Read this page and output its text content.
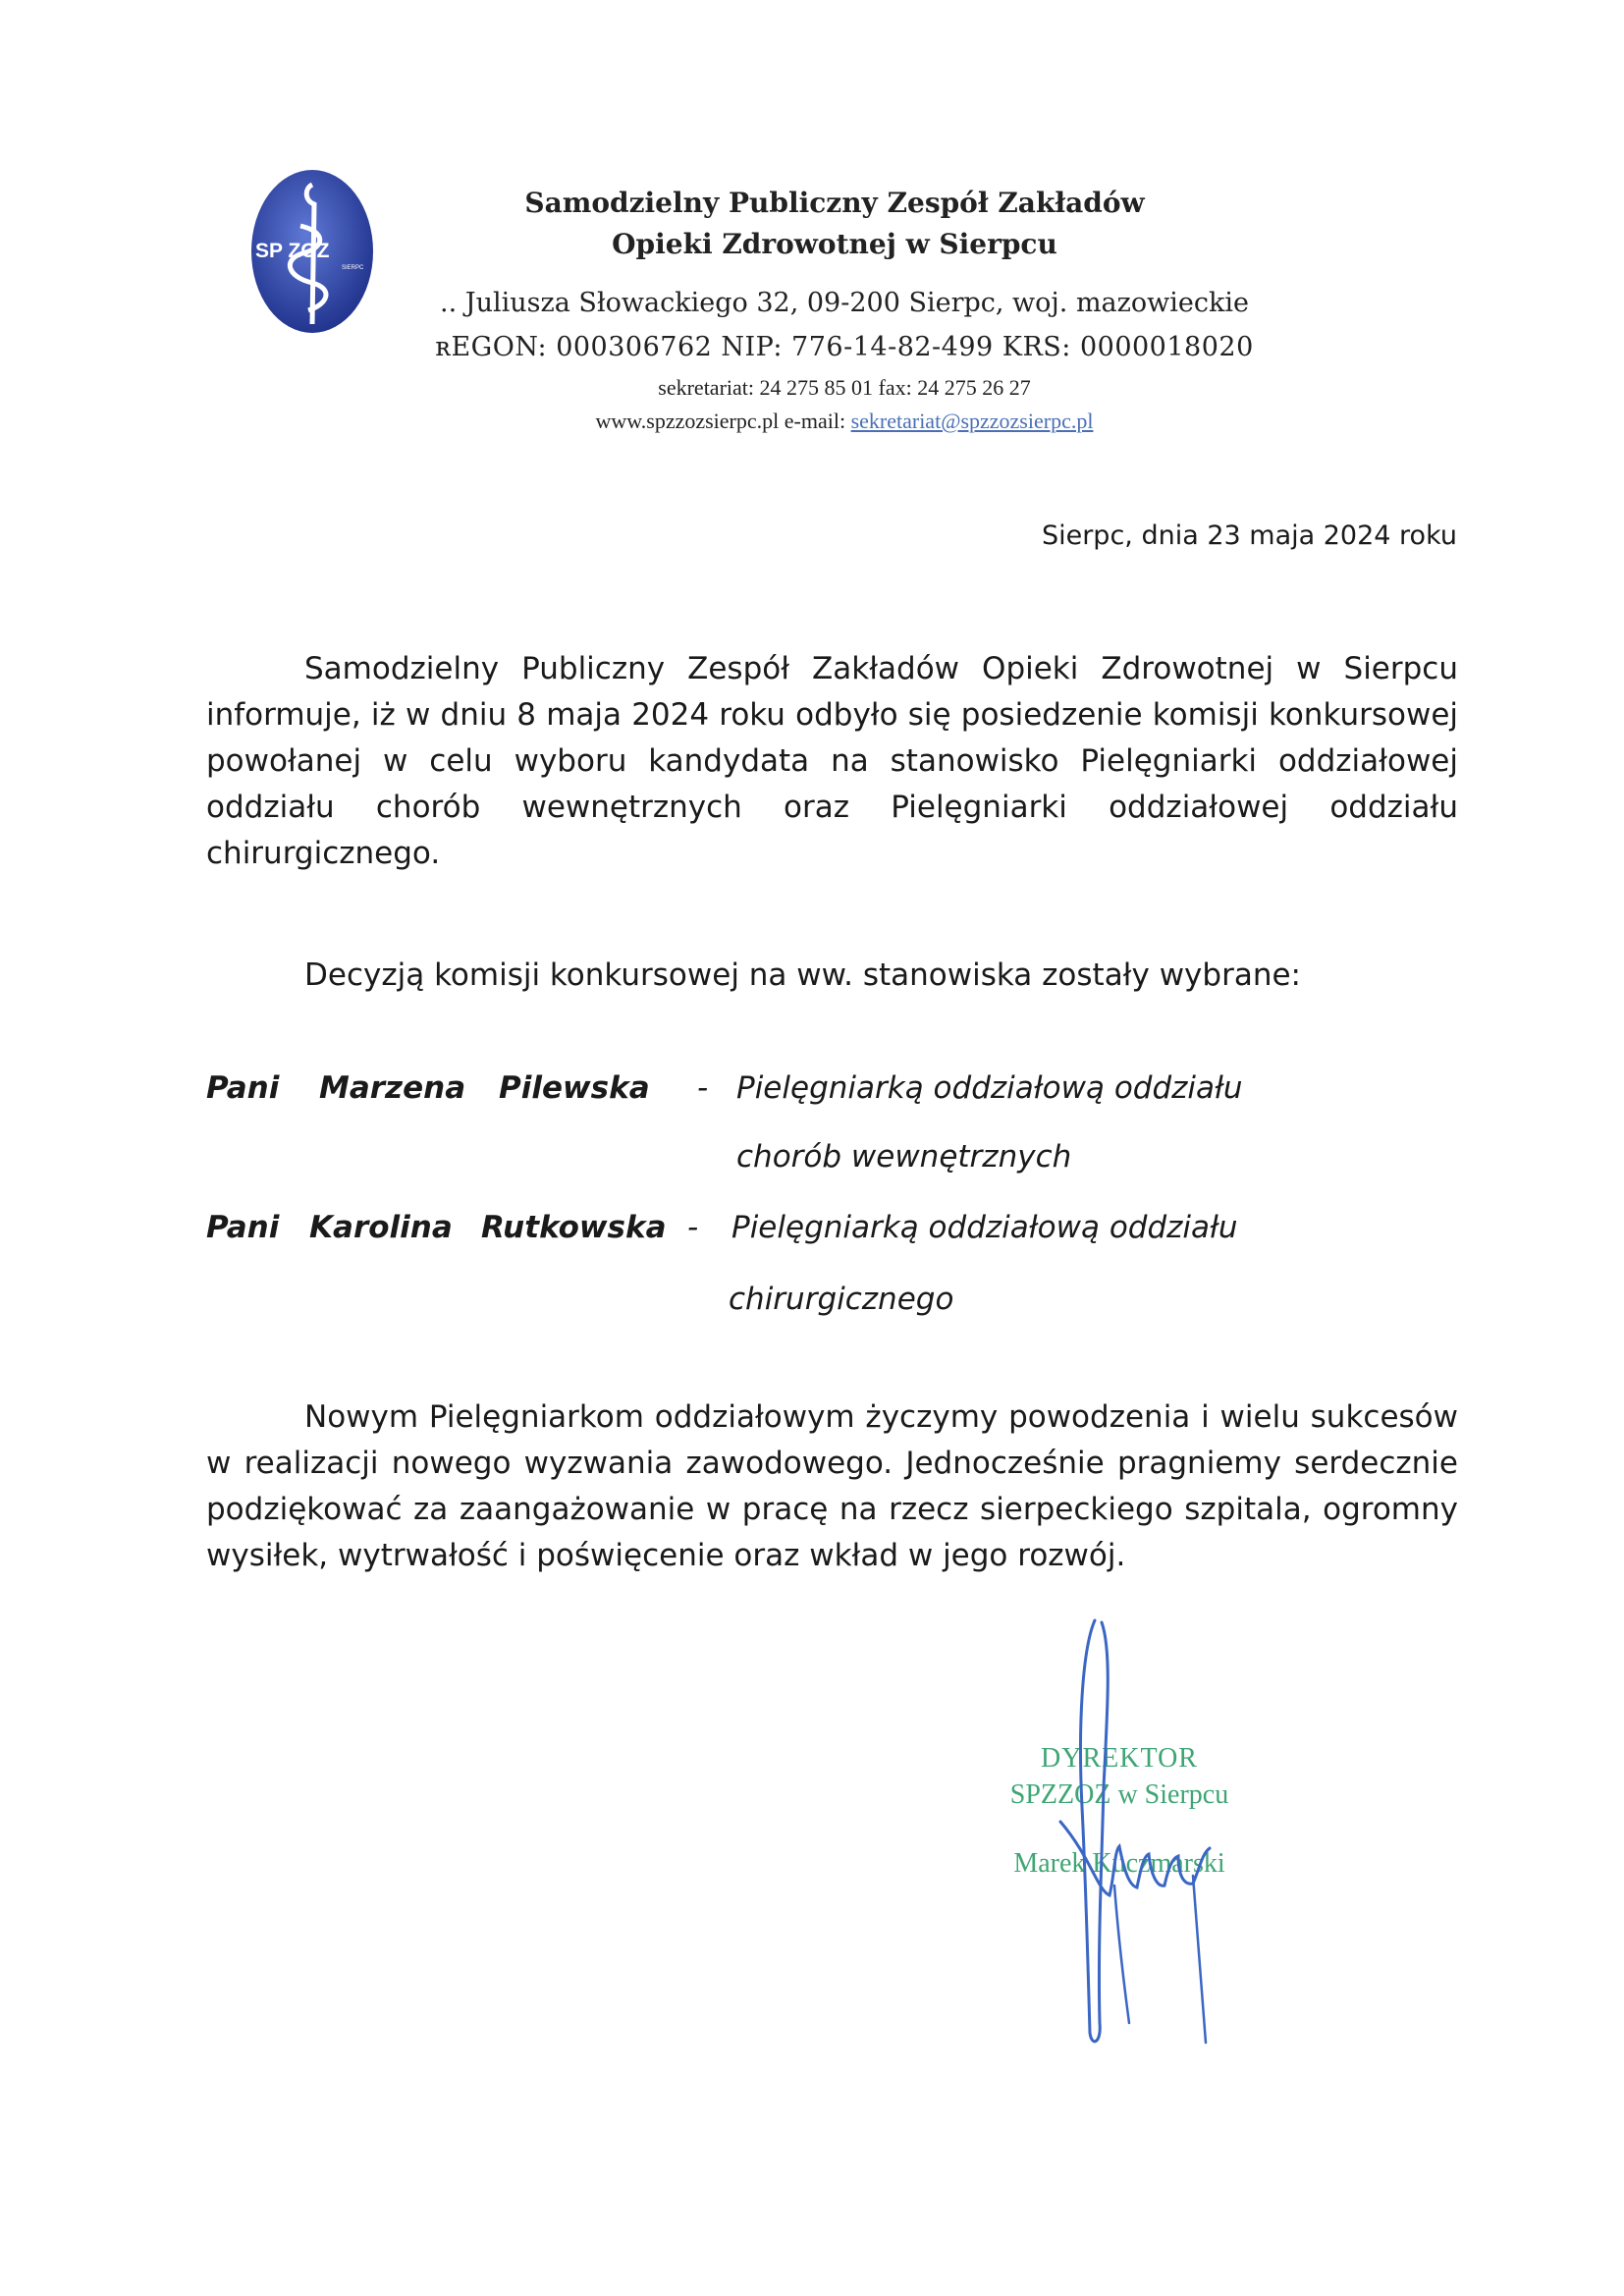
SP ZOZ
SIERPC
Samodzielny Publiczny Zespół Zakładów
Opieki Zdrowotnej w Sierpcu
.. Juliusza Słowackiego 32, 09-200 Sierpc, woj. mazowieckie
ʀEGON: 000306762 NIP: 776-14-82-499 KRS: 0000018020
sekretariat: 24 275 85 01 fax: 24 275 26 27
www.spzzozsierpc.pl e-mail: sekretariat@spzzozsierpc.pl
Sierpc, dnia 23 maja 2024 roku

Samodzielny Publiczny Zespół Zakładów Opieki Zdrowotnej w Sierpcu informuje, iż w dniu 8 maja 2024 roku odbyło się posiedzenie komisji konkursowej powołanej w celu wyboru kandydata na stanowisko Pielęgniarki oddziałowej oddziału chorób wewnętrznych oraz Pielęgniarki oddziałowej oddziału chirurgicznego.

Decyzją komisji konkursowej na ww. stanowiska zostały wybrane:

Pani Marzena Pilewska - Pielęgniarką oddziałową oddziału
chorób wewnętrznych
Pani Karolina Rutkowska - Pielęgniarką oddziałową oddziału
chirurgicznego

Nowym Pielęgniarkom oddziałowym życzymy powodzenia i wielu sukcesów w realizacji nowego wyzwania zawodowego. Jednocześnie pragniemy serdecznie podziękować za zaangażowanie w pracę na rzecz sierpeckiego szpitala, ogromny wysiłek, wytrwałość i poświęcenie oraz wkład w jego rozwój.

DYREKTOR
SPZZOZ w Sierpcu
Marek Kuczmarski
